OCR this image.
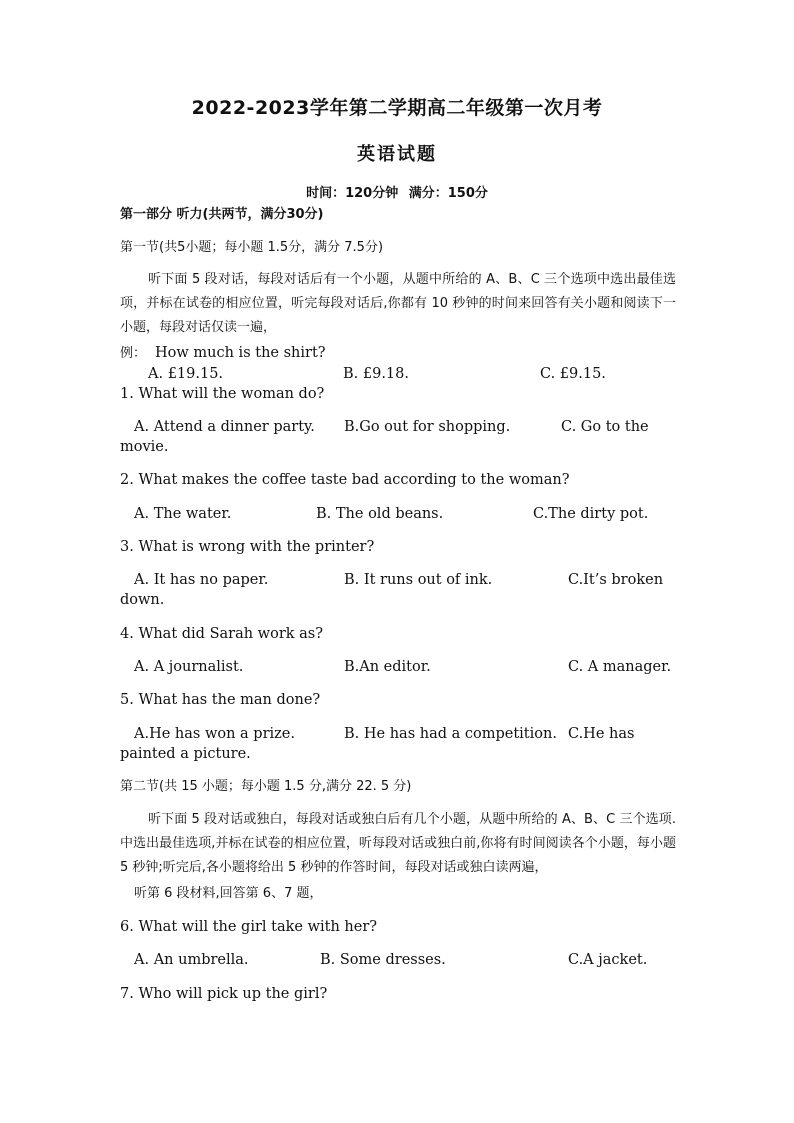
2022-2023学年第二学期高二年级第一次月考
英语试题
时间：120分钟 满分：150分
第一部分 听力(共两节，满分30分)
第一节(共5小题；每小题 1.5分，满分 7.5分)
听下面 5 段对话，每段对话后有一个小题，从题中所给的 A、B、C 三个选项中选出最佳选项，并标在试卷的相应位置，听完每段对话后,你都有 10 秒钟的时间来回答有关小题和阅读下一小题，每段对话仅读一遍，
例： How much is the shirt?
A. £19.15.	B. £9.18.	C. £9.15.
1. What will the woman do?
A. Attend a dinner party. B.Go out for shopping.	C. Go to the
movie.
2. What makes the coffee taste bad according to the woman?
A. The water.	B. The old beans.	C.The dirty pot.
3. What is wrong with the printer?
A. It has no paper.	B. It runs out of ink.	C.It’s broken
down.
4. What did Sarah work as?
A. A journalist.	B.An editor.	C. A manager.
5. What has the man done?
A.He has won a prize.	B. He has had a competition. C.He has
painted a picture.
第二节(共 15 小题；每小题 1.5 分,满分 22. 5 分)
听下面 5 段对话或独白，每段对话或独白后有几个小题，从题中所给的 A、B、C 三个选项.中选出最佳选项,并标在试卷的相应位置，听每段对话或独白前,你将有时间阅读各个小题，每小题 5 秒钟;听完后,各小题将给出 5 秒钟的作答时间，每段对话或独白读两遍，
听第 6 段材料,回答第 6、7 题，
6. What will the girl take with her?
A. An umbrella.	B. Some dresses.	C.A jacket.
7. Who will pick up the girl?
